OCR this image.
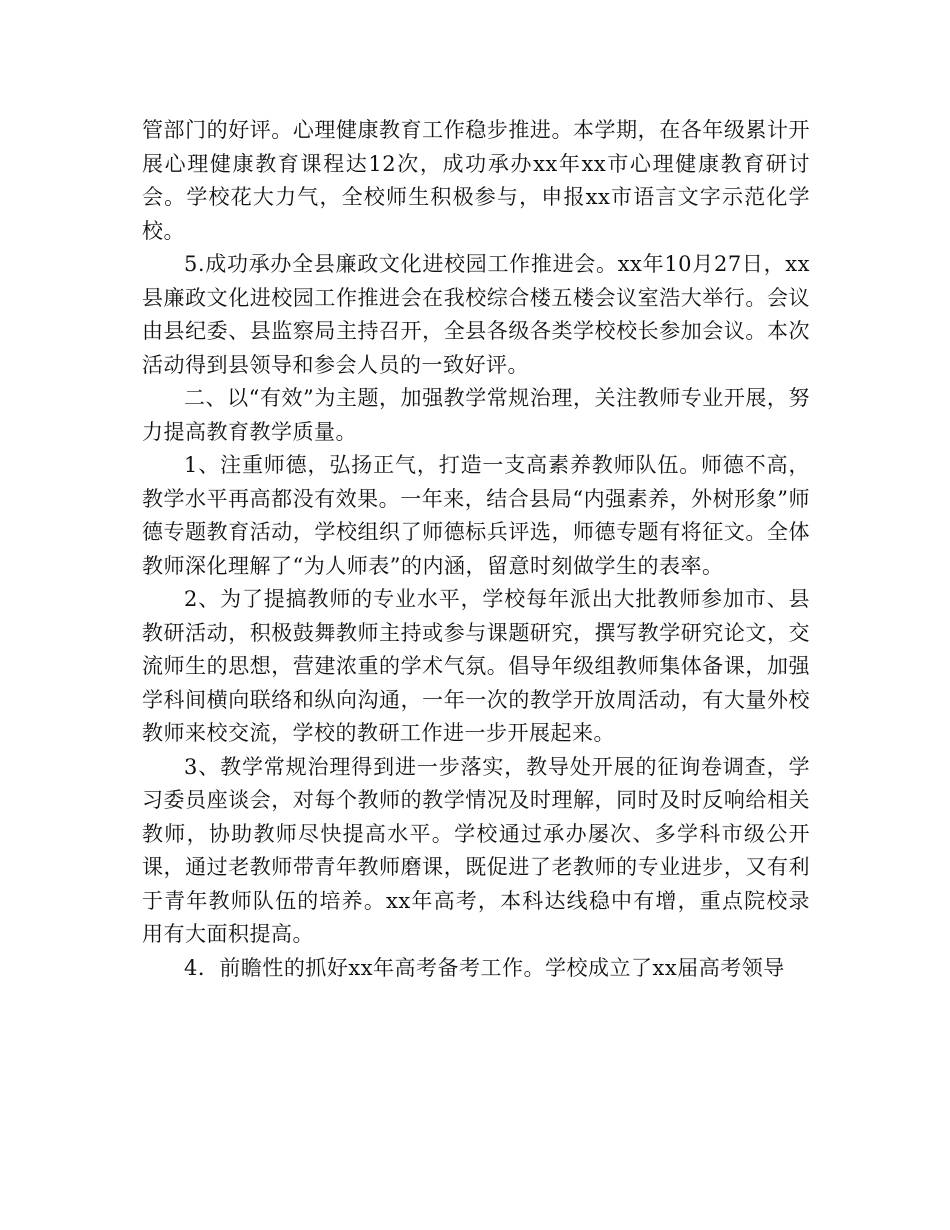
管部门的好评。心理健康教育工作稳步推进。本学期，在各年级累计开展心理健康教育课程达12次，成功承办xx年xx市心理健康教育研讨会。学校花大力气，全校师生积极参与，申报xx市语言文字示范化学校。

5.成功承办全县廉政文化进校园工作推进会。xx年10月27日，xx县廉政文化进校园工作推进会在我校综合楼五楼会议室浩大举行。会议由县纪委、县监察局主持召开，全县各级各类学校校长参加会议。本次活动得到县领导和参会人员的一致好评。

二、以“有效”为主题，加强教学常规治理，关注教师专业开展，努力提高教育教学质量。

1、注重师德，弘扬正气，打造一支高素养教师队伍。师德不高，教学水平再高都没有效果。一年来，结合县局“内强素养，外树形象”师德专题教育活动，学校组织了师德标兵评选，师德专题有将征文。全体教师深化理解了“为人师表”的内涵，留意时刻做学生的表率。

2、为了提搞教师的专业水平，学校每年派出大批教师参加市、县教研活动，积极鼓舞教师主持或参与课题研究，撰写教学研究论文，交流师生的思想，营建浓重的学术气氛。倡导年级组教师集体备课，加强学科间横向联络和纵向沟通，一年一次的教学开放周活动，有大量外校教师来校交流，学校的教研工作进一步开展起来。

3、教学常规治理得到进一步落实，教导处开展的征询卷调查，学习委员座谈会，对每个教师的教学情况及时理解，同时及时反响给相关教师，协助教师尽快提高水平。学校通过承办屡次、多学科市级公开课，通过老教师带青年教师磨课，既促进了老教师的专业进步，又有利于青年教师队伍的培养。xx年高考，本科达线稳中有增，重点院校录用有大面积提高。

4．前瞻性的抓好xx年高考备考工作。学校成立了xx届高考领导
